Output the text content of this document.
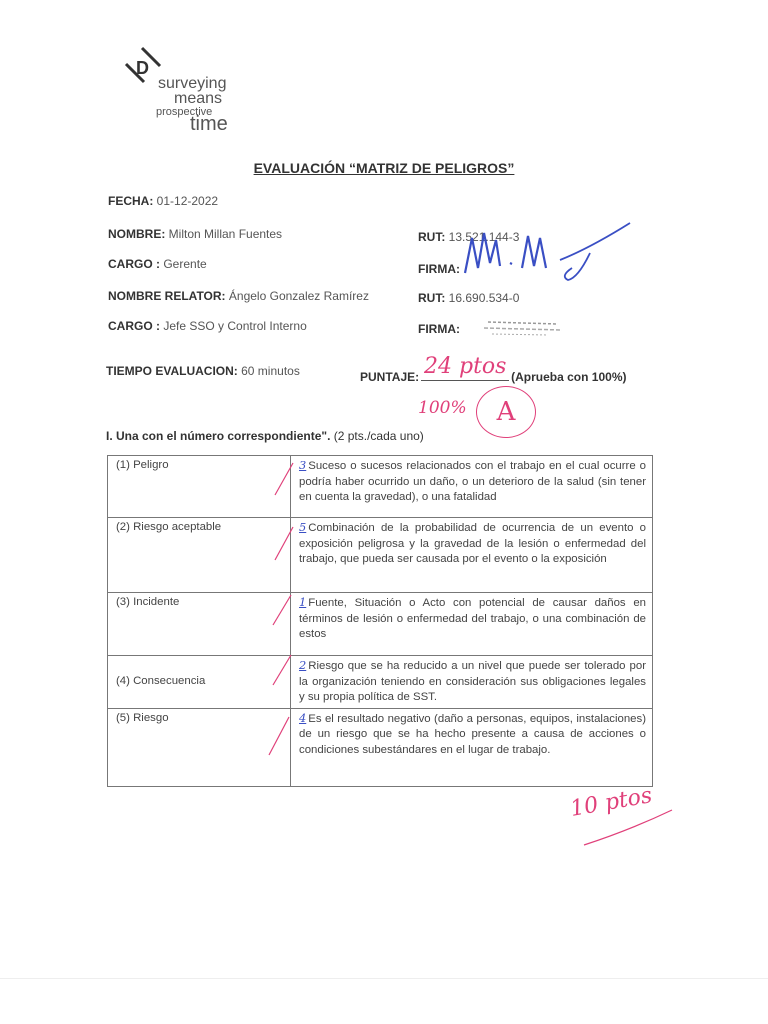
D
surveying
means
prospective
time
EVALUACIÓN “MATRIZ DE PELIGROS”
FECHA: 01-12-2022
NOMBRE: Milton Millan Fuentes	RUT: 13.521.144-3
CARGO : Gerente	FIRMA:
NOMBRE RELATOR: Ángelo Gonzalez Ramírez	RUT: 16.690.534-0
CARGO : Jefe SSO y Control Interno	FIRMA:
TIEMPO EVALUACION: 60 minutos	PUNTAJE:	(Aprueba con 100%)
24 ptos
100%	A
I. Una con el número correspondiente". (2 pts./cada uno)
(1) Peligro	3 Suceso o sucesos relacionados con el trabajo en el cual ocurre o podría haber ocurrido un daño, o un deterioro de la salud (sin tener en cuenta la gravedad), o una fatalidad
(2) Riesgo aceptable	5 Combinación de la probabilidad de ocurrencia de un evento o exposición peligrosa y la gravedad de la lesión o enfermedad del trabajo, que pueda ser causada por el evento o la exposición
(3) Incidente	1 Fuente, Situación o Acto con potencial de causar daños en términos de lesión o enfermedad del trabajo, o una combinación de estos
(4) Consecuencia	2 Riesgo que se ha reducido a un nivel que puede ser tolerado por la organización teniendo en consideración sus obligaciones legales y su propia política de SST.
(5) Riesgo	4 Es el resultado negativo (daño a personas, equipos, instalaciones) de un riesgo que se ha hecho presente a causa de acciones o condiciones subestándares en el lugar de trabajo.
10 ptos
